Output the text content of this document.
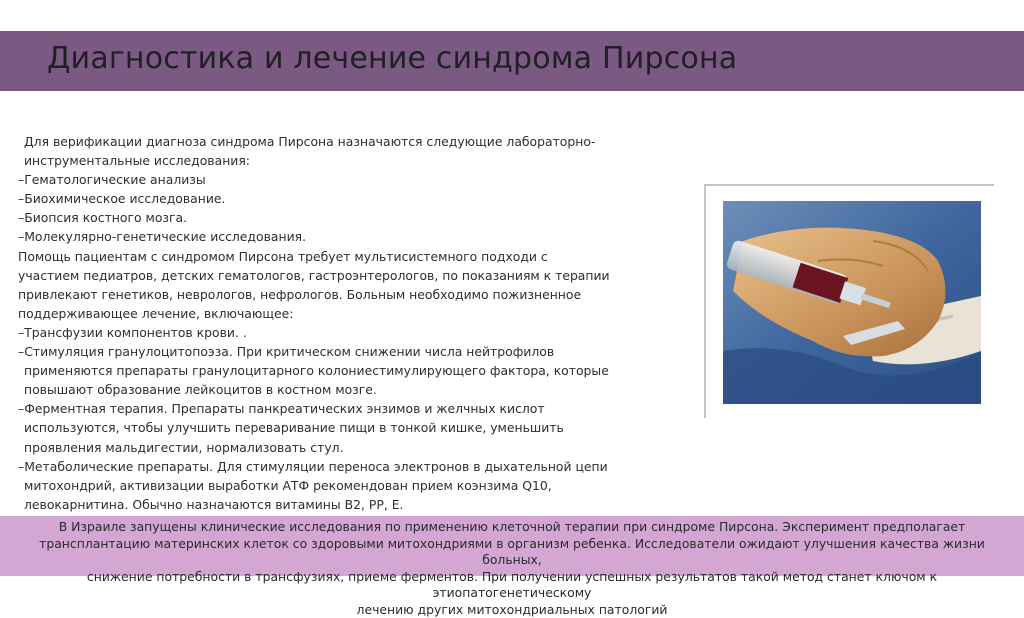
Диагностика и лечение синдрома Пирсона

Для верификации диагноза синдрома Пирсона назначаются следующие лабораторно-

инструментальные исследования:

–Гематологические анализы

–Биохимическое исследование.

–Биопсия костного мозга.

–Молекулярно-генетические исследования.

Помощь пациентам с синдромом Пирсона требует мультисистемного подходи с

участием педиатров, детских гематологов, гастроэнтерологов, по показаниям к терапии

привлекают генетиков, неврологов, нефрологов. Больным необходимо пожизненное

поддерживающее лечение, включающее:

–Трансфузии компонентов крови. .

–Стимуляция гранулоцитопоэза. При критическом снижении числа нейтрофилов

применяются препараты гранулоцитарного колониестимулирующего фактора, которые

повышают образование лейкоцитов в костном мозге.

–Ферментная терапия. Препараты панкреатических энзимов и желчных кислот

используются, чтобы улучшить переваривание пищи в тонкой кишке, уменьшить

проявления мальдигестии, нормализовать стул.

–Метаболические препараты. Для стимуляции переноса электронов в дыхательной цепи

митохондрий, активизации выработки АТФ рекомендован прием коэнзима Q10,

левокарнитина. Обычно назначаются витамины В2, РР, Е.

В Израиле запущены клинические исследования по применению клеточной терапии при синдроме Пирсона. Эксперимент предполагает
трансплантацию материнских клеток со здоровыми митохондриями в организм ребенка. Исследователи ожидают улучшения качества жизни больных,
снижение потребности в трансфузиях, приеме ферментов. При получении успешных результатов такой метод станет ключом к этиопатогенетическому
лечению других митохондриальных патологий
